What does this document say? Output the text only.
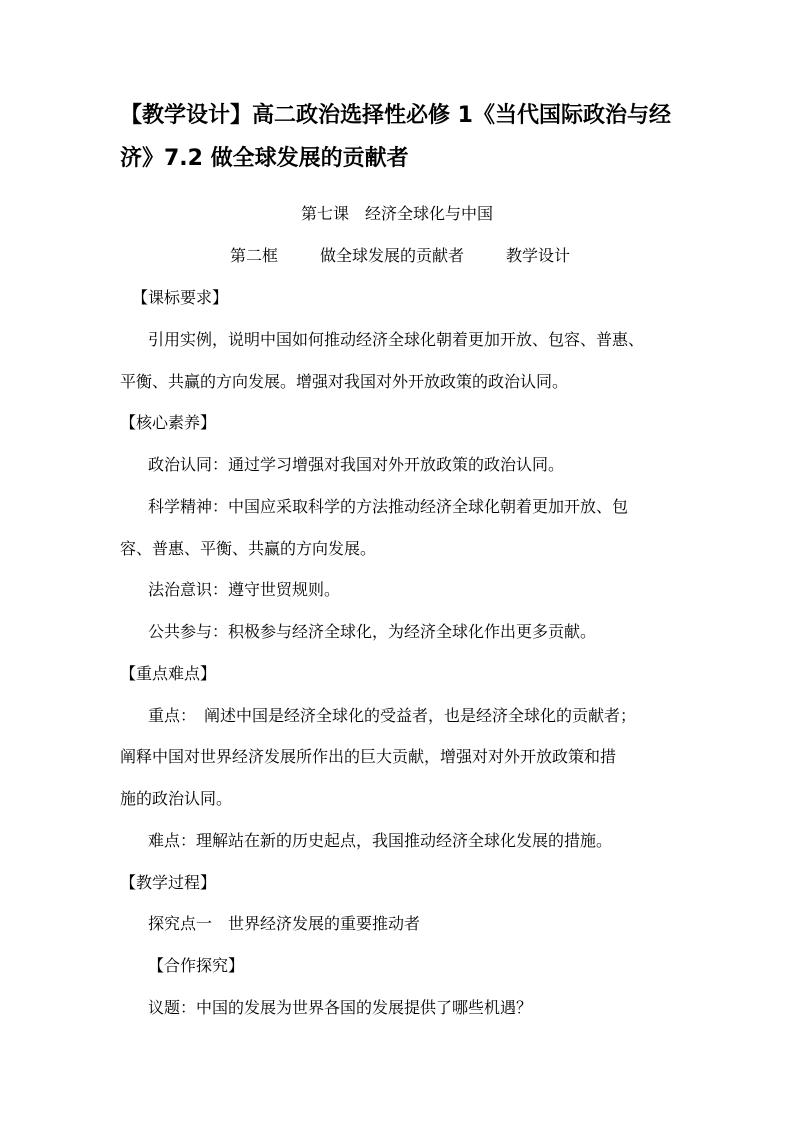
【教学设计】高二政治选择性必修 1《当代国际政治与经济》7.2 做全球发展的贡献者

第七课　经济全球化与中国

第二框	做全球发展的贡献者	教学设计

【课标要求】

引用实例，说明中国如何推动经济全球化朝着更加开放、包容、普惠、

平衡、共赢的方向发展。增强对我国对外开放政策的政治认同。

【核心素养】

政治认同：通过学习增强对我国对外开放政策的政治认同。

科学精神：中国应采取科学的方法推动经济全球化朝着更加开放、包

容、普惠、平衡、共赢的方向发展。

法治意识：遵守世贸规则。

公共参与：积极参与经济全球化，为经济全球化作出更多贡献。

【重点难点】

重点：　阐述中国是经济全球化的受益者，也是经济全球化的贡献者；

阐释中国对世界经济发展所作出的巨大贡献，增强对对外开放政策和措

施的政治认同。

难点：理解站在新的历史起点，我国推动经济全球化发展的措施。

【教学过程】

探究点一　世界经济发展的重要推动者

【合作探究】

议题：中国的发展为世界各国的发展提供了哪些机遇？
